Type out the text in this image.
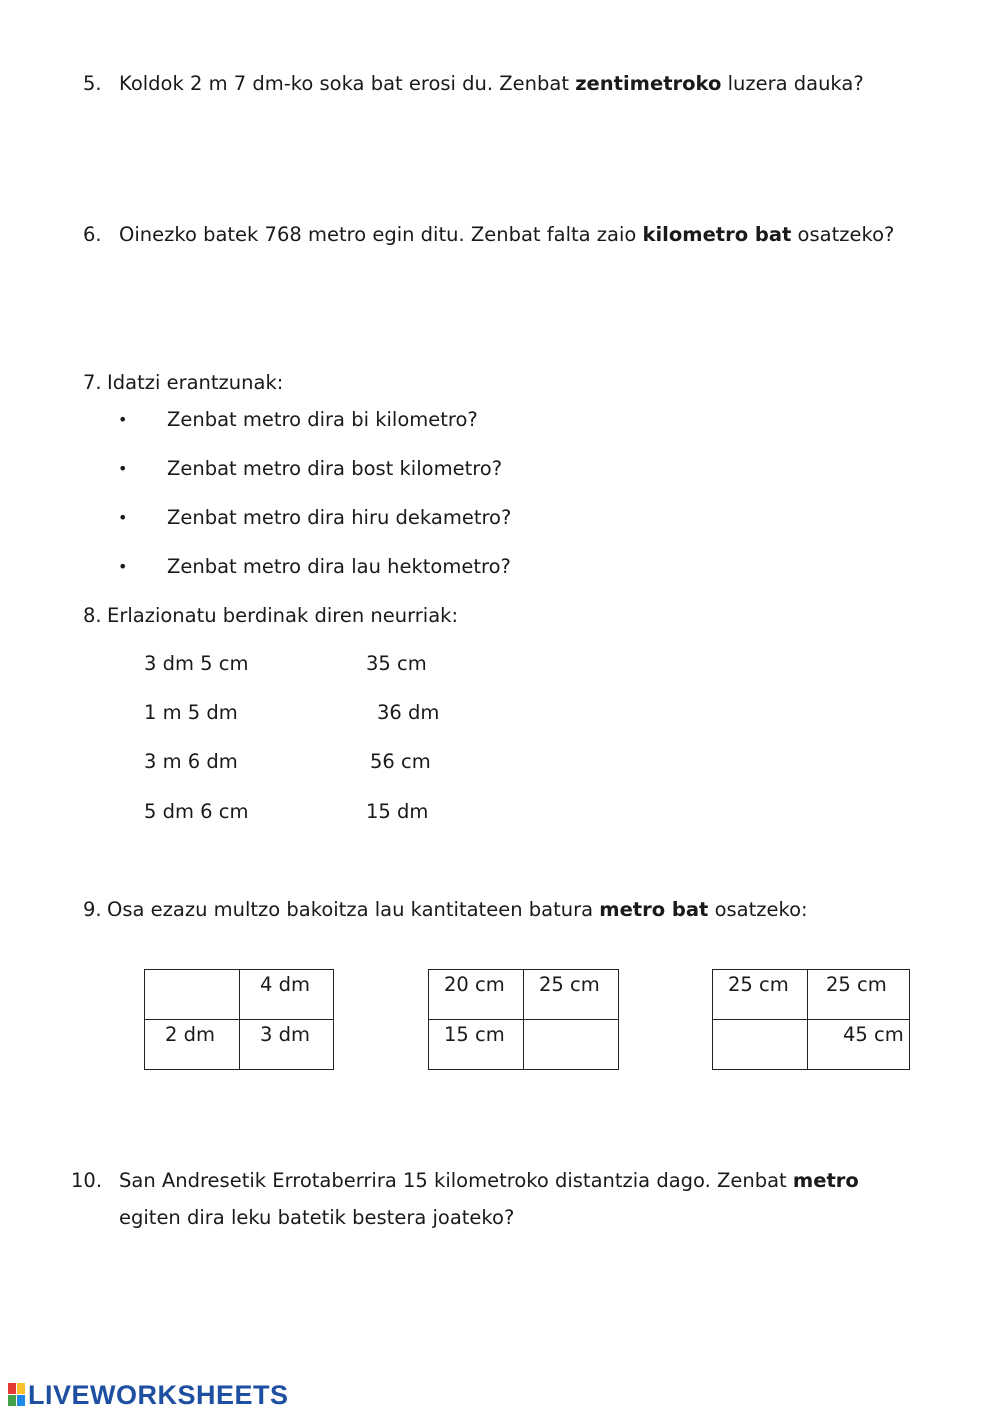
5. Koldok 2 m 7 dm-ko soka bat erosi du. Zenbat zentimetroko luzera dauka?
6. Oinezko batek 768 metro egin ditu. Zenbat falta zaio kilometro bat osatzeko?
7. Idatzi erantzunak:
• Zenbat metro dira bi kilometro?
• Zenbat metro dira bost kilometro?
• Zenbat metro dira hiru dekametro?
• Zenbat metro dira lau hektometro?
8. Erlazionatu berdinak diren neurriak:
3 dm 5 cm	35 cm
1 m 5 dm	36 dm
3 m 6 dm	56 cm
5 dm 6 cm	15 dm
9. Osa ezazu multzo bakoitza lau kantitateen batura metro bat osatzeko:

	4 dm

2 dm	3 dm
20 cm	25 cm

15 cm	

25 cm	25 cm

	45 cm
10. San Andresetik Errotaberrira 15 kilometroko distantzia dago. Zenbat metro
egiten dira leku batetik bestera joateko?
LIVEWORKSHEETS
